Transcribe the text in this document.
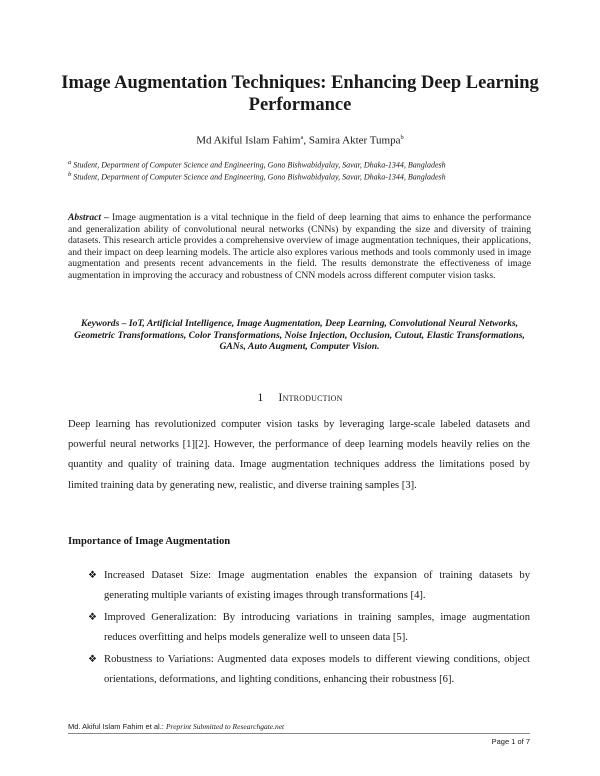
Image Augmentation Techniques: Enhancing Deep Learning Performance
Md Akiful Islam Fahim$^a$, Samira Akter Tumpa$^b$
$^a$ Student, Department of Computer Science and Engineering, Gono Bishwabidyalay, Savar, Dhaka-1344, Bangladesh
$^b$ Student, Department of Computer Science and Engineering, Gono Bishwabidyalay, Savar, Dhaka-1344, Bangladesh

Abstract – Image augmentation is a vital technique in the field of deep learning that aims to enhance the performance and generalization ability of convolutional neural networks (CNNs) by expanding the size and diversity of training datasets. This research article provides a comprehensive overview of image augmentation techniques, their applications, and their impact on deep learning models. The article also explores various methods and tools commonly used in image augmentation and presents recent advancements in the field. The results demonstrate the effectiveness of image augmentation in improving the accuracy and robustness of CNN models across different computer vision tasks.

Keywords – IoT, Artificial Intelligence, Image Augmentation, Deep Learning, Convolutional Neural Networks, Geometric Transformations, Color Transformations, Noise Injection, Occlusion, Cutout, Elastic Transformations, GANs, Auto Augment, Computer Vision.

1 Introduction

Deep learning has revolutionized computer vision tasks by leveraging large-scale labeled datasets and powerful neural networks [1][2]. However, the performance of deep learning models heavily relies on the quantity and quality of training data. Image augmentation techniques address the limitations posed by limited training data by generating new, realistic, and diverse training samples [3].

Importance of Image Augmentation

❖ Increased Dataset Size: Image augmentation enables the expansion of training datasets by generating multiple variants of existing images through transformations [4].
❖ Improved Generalization: By introducing variations in training samples, image augmentation reduces overfitting and helps models generalize well to unseen data [5].
❖ Robustness to Variations: Augmented data exposes models to different viewing conditions, object orientations, deformations, and lighting conditions, enhancing their robustness [6].
Md. Akiful Islam Fahim et al.: Preprint Submitted to Researchgate.net
Page 1 of 7
